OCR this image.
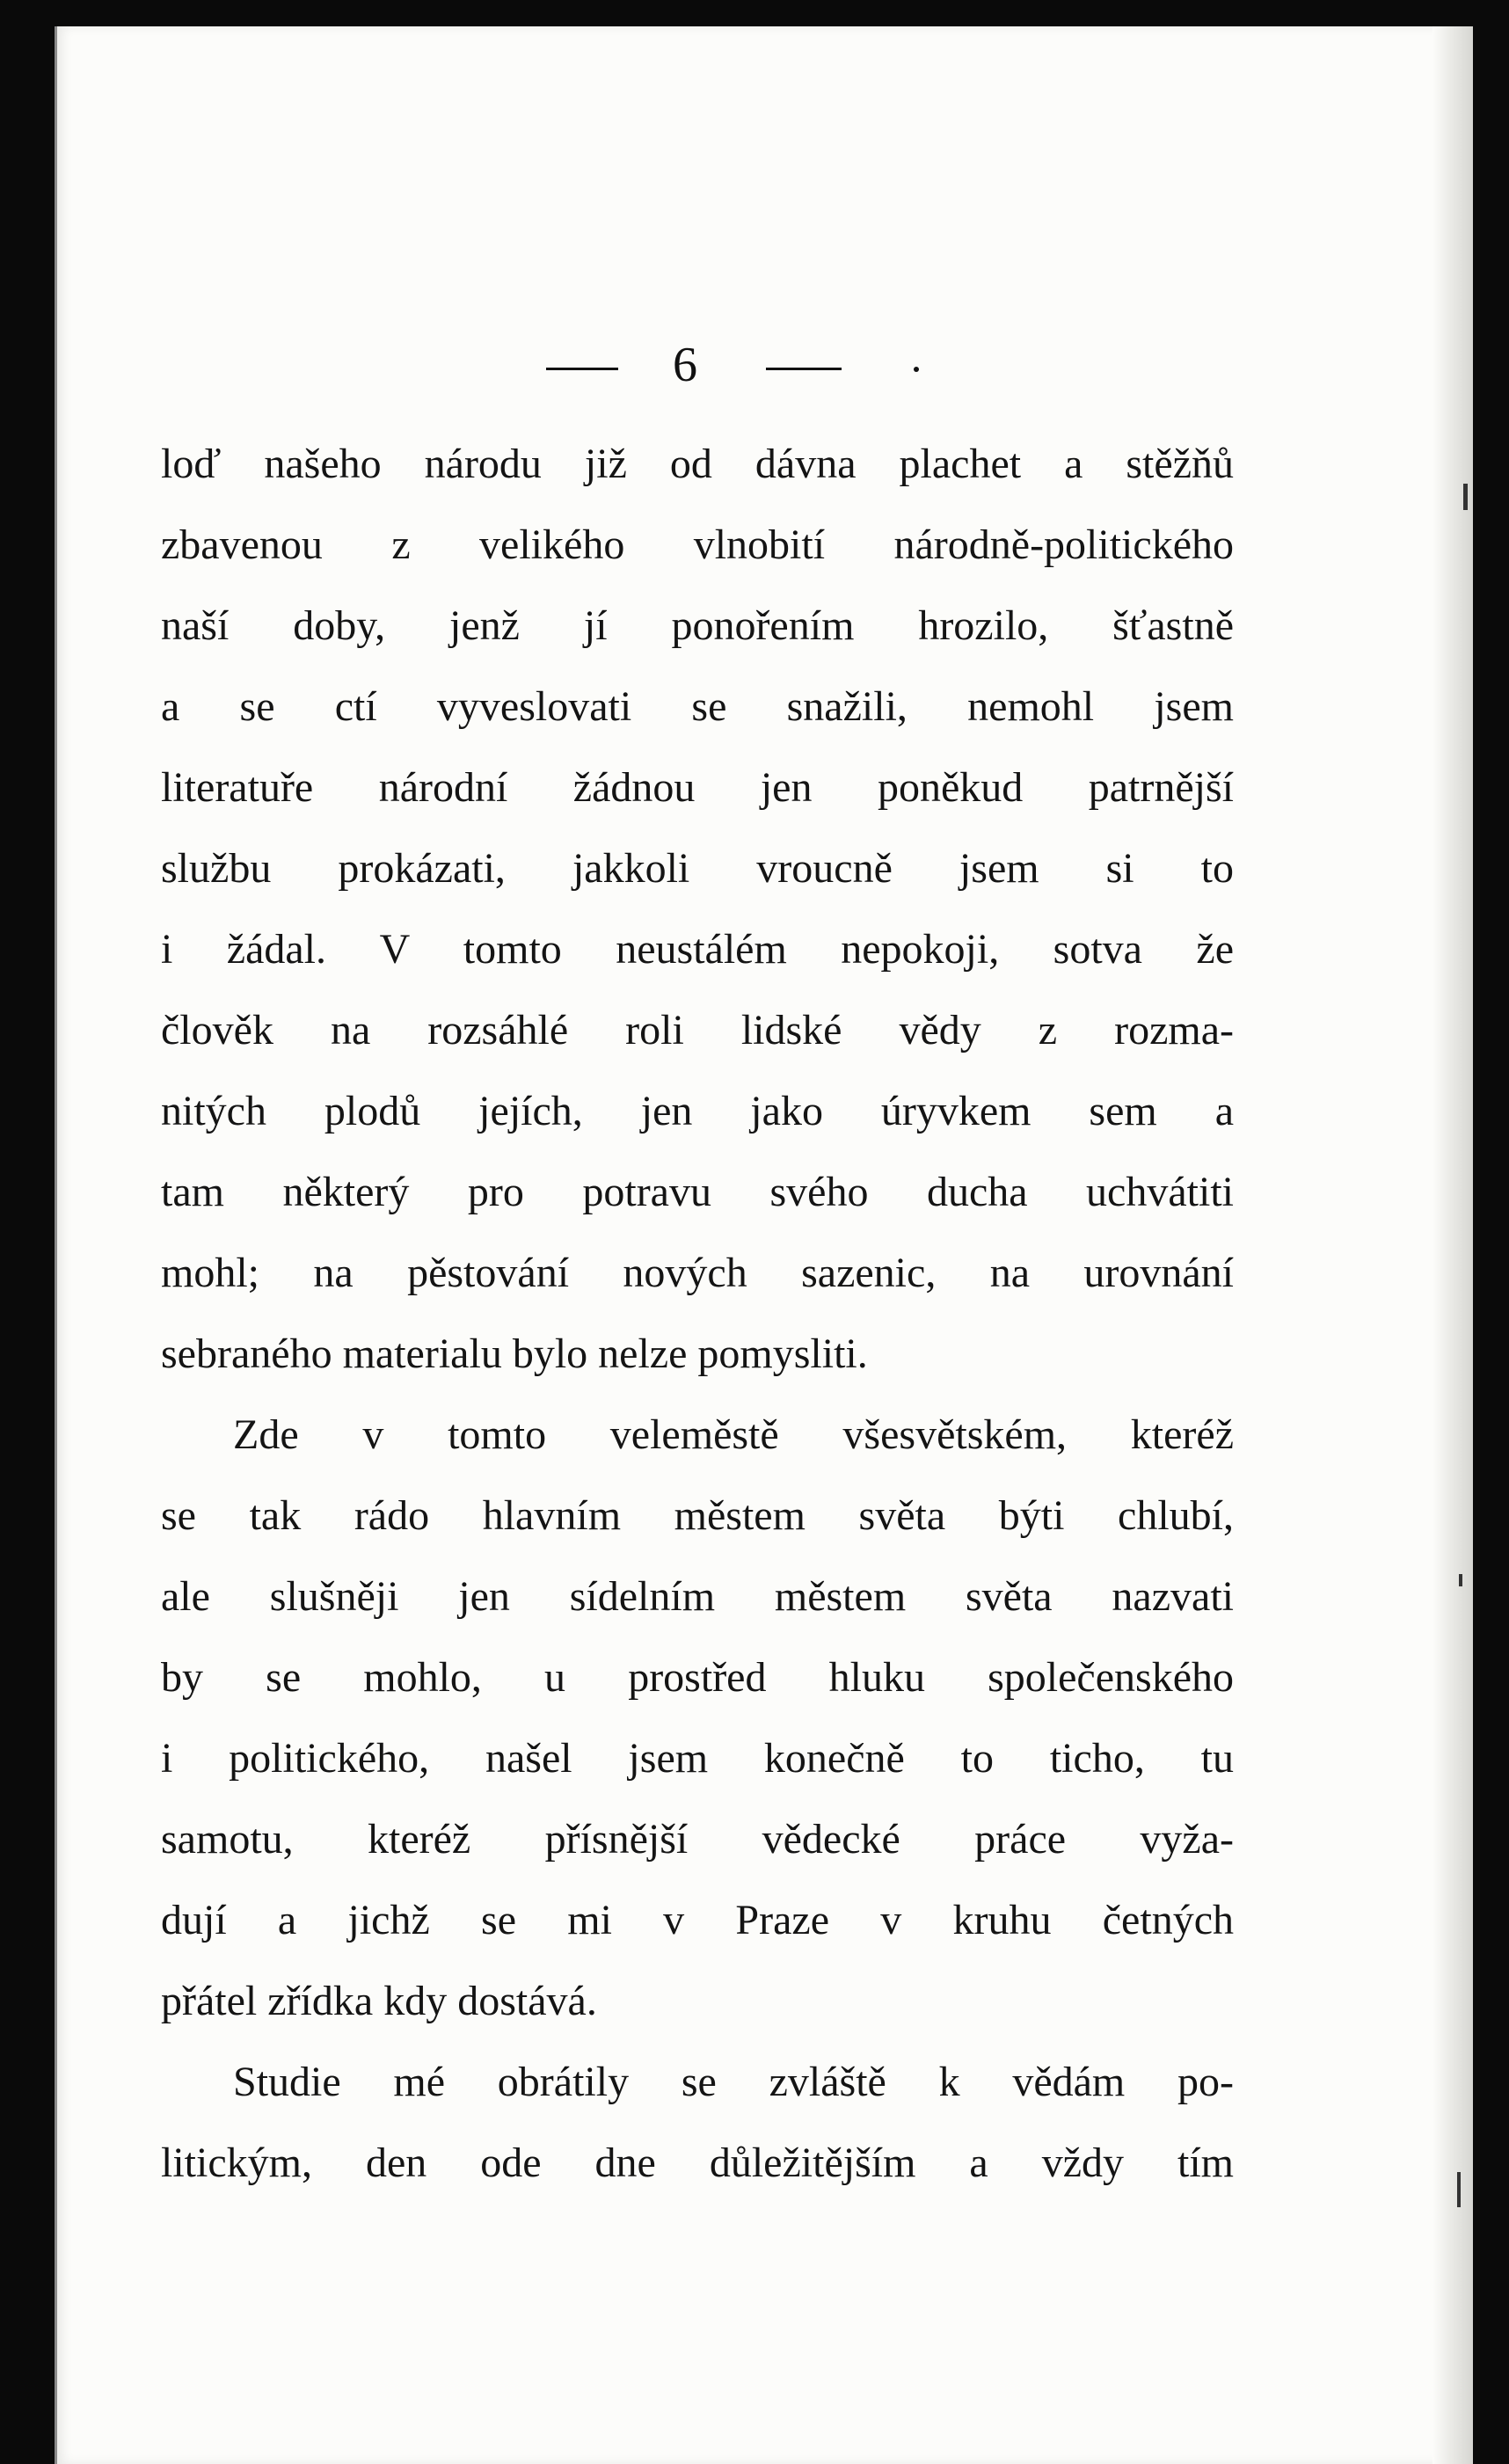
6
loď našeho národu již od dávna plachet a stěžňů
zbavenou z velikého vlnobití národně-politického
naší doby, jenž jí ponořením hrozilo, šťastně
a se ctí vyveslovati se snažili, nemohl jsem
literatuře národní žádnou jen poněkud patrnější
službu prokázati, jakkoli vroucně jsem si to
i žádal. V tomto neustálém nepokoji, sotva že
člověk na rozsáhlé roli lidské vědy z rozma-
nitých plodů jejích, jen jako úryvkem sem a
tam některý pro potravu svého ducha uchvátiti
mohl; na pěstování nových sazenic, na urovnání
sebraného materialu bylo nelze pomysliti.
Zde v tomto veleměstě všesvětském, kteréž
se tak rádo hlavním městem světa býti chlubí,
ale slušněji jen sídelním městem světa nazvati
by se mohlo, u prostřed hluku společenského
i politického, našel jsem konečně to ticho, tu
samotu, kteréž přísnější vědecké práce vyža-
dují a jichž se mi v Praze v kruhu četných
přátel zřídka kdy dostává.
Studie mé obrátily se zvláště k vědám po-
litickým, den ode dne důležitějším a vždy tím
